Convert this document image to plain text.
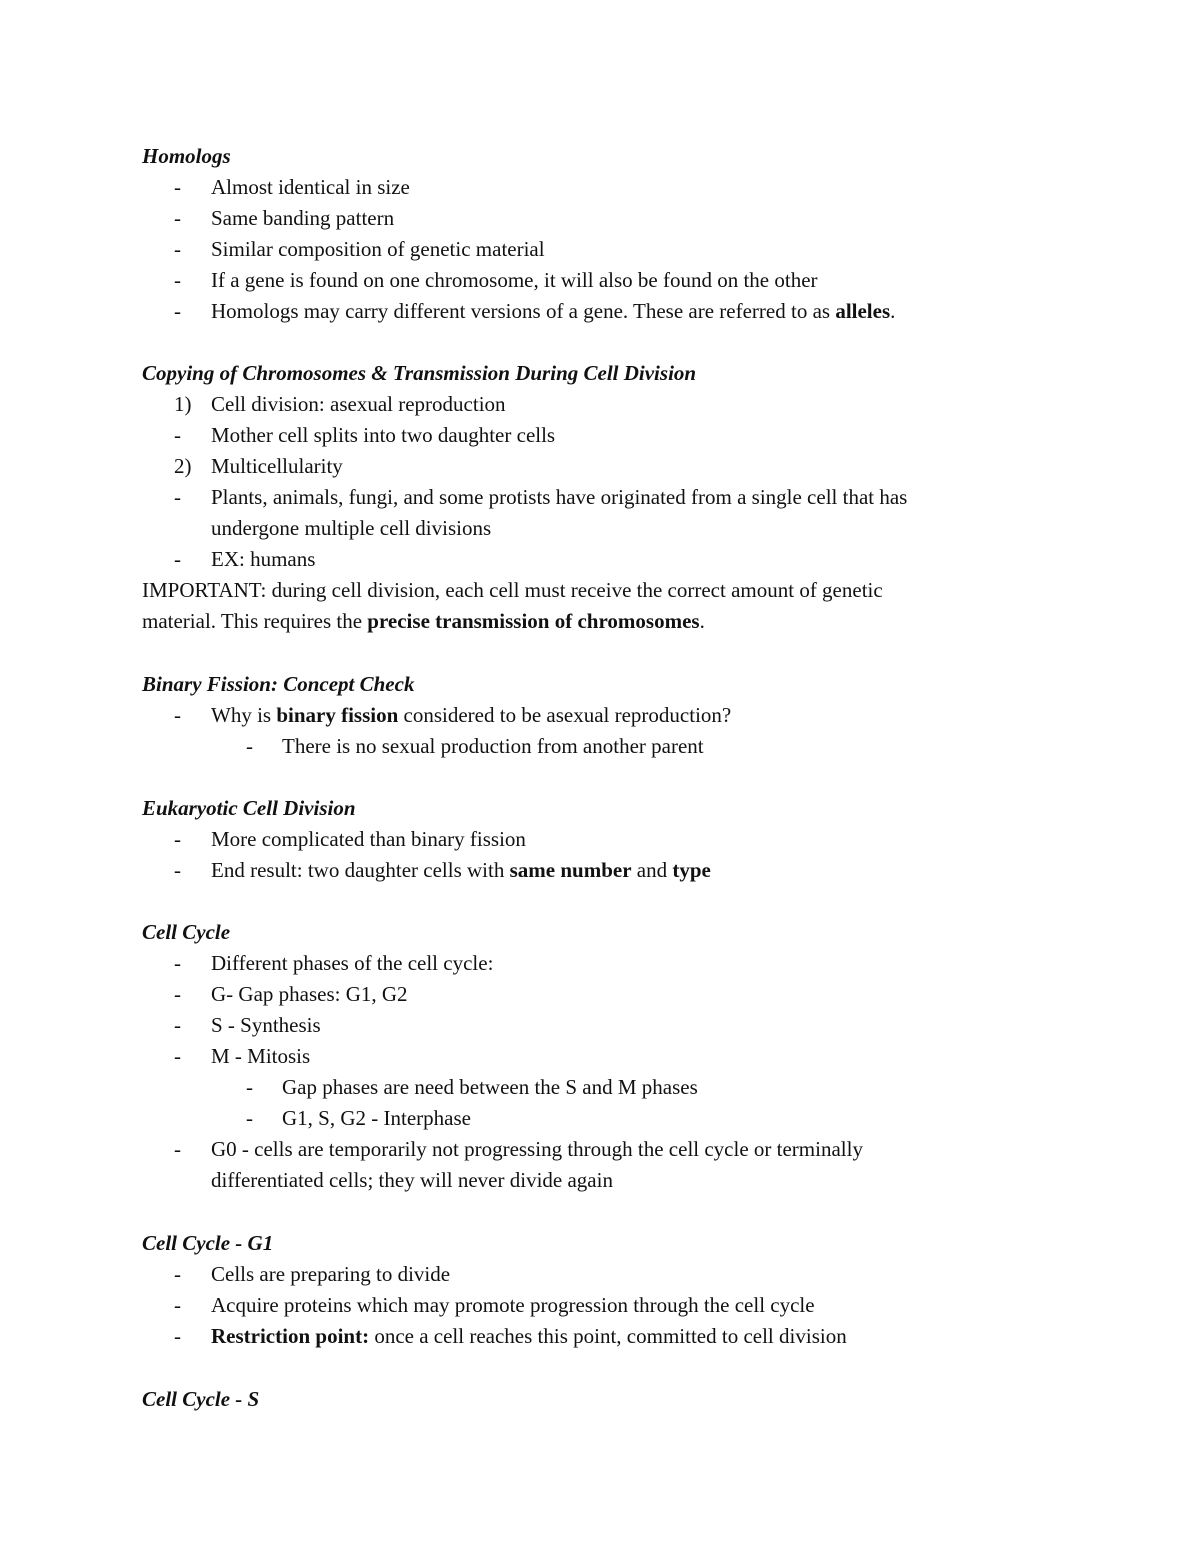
Homologs
-	Almost identical in size
-	Same banding pattern
-	Similar composition of genetic material
-	If a gene is found on one chromosome, it will also be found on the other
-	Homologs may carry different versions of a gene. These are referred to as alleles.
Copying of Chromosomes & Transmission During Cell Division
1) Cell division: asexual reproduction
-	Mother cell splits into two daughter cells
2) Multicellularity
-	Plants, animals, fungi, and some protists have originated from a single cell that has
undergone multiple cell divisions
-	EX: humans
IMPORTANT: during cell division, each cell must receive the correct amount of genetic
material. This requires the precise transmission of chromosomes.
Binary Fission: Concept Check
-	Why is binary fission considered to be asexual reproduction?
-	There is no sexual production from another parent
Eukaryotic Cell Division
-	More complicated than binary fission
-	End result: two daughter cells with same number and type
Cell Cycle
-	Different phases of the cell cycle:
-	G- Gap phases: G1, G2
-	S - Synthesis
-	M - Mitosis
-	Gap phases are need between the S and M phases
-	G1, S, G2 - Interphase
-	G0 - cells are temporarily not progressing through the cell cycle or terminally
differentiated cells; they will never divide again
Cell Cycle - G1
-	Cells are preparing to divide
-	Acquire proteins which may promote progression through the cell cycle
-	Restriction point: once a cell reaches this point, committed to cell division
Cell Cycle - S
